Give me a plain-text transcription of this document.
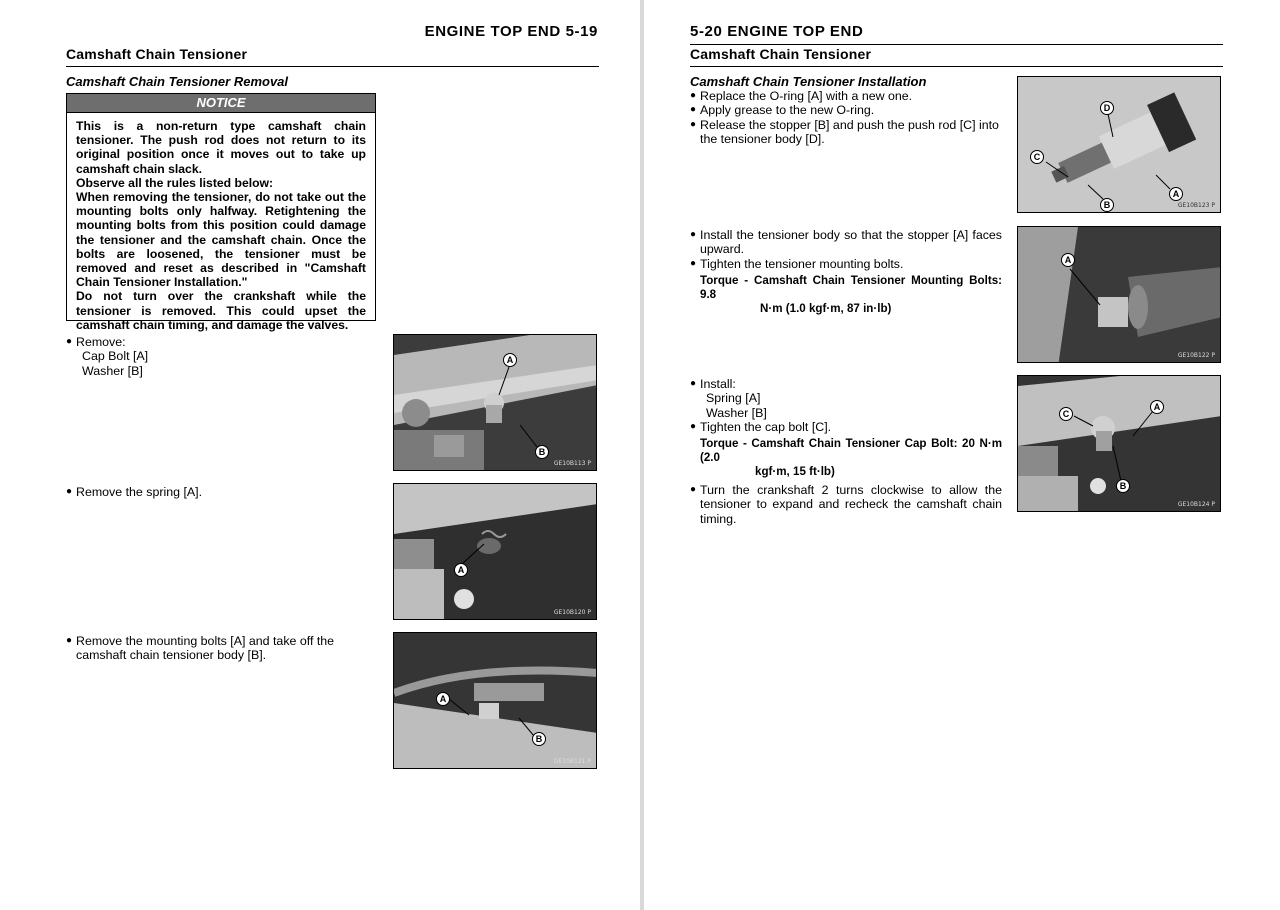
ENGINE TOP END 5-19
Camshaft Chain Tensioner
Camshaft Chain Tensioner Removal
NOTICE

This is a non-return type camshaft chain tensioner. The push rod does not return to its original position once it moves out to take up camshaft chain slack.

Observe all the rules listed below:

When removing the tensioner, do not take out the mounting bolts only halfway. Retightening the mounting bolts from this position could damage the tensioner and the camshaft chain. Once the bolts are loosened, the tensioner must be removed and reset as described in "Camshaft Chain Tensioner Installation."

Do not turn over the crankshaft while the tensioner is removed. This could upset the camshaft chain timing, and damage the valves.

● Remove:
Cap Bolt [A]
Washer [B]
A
B
GE10B113 P
● Remove the spring [A].
A
GE10B120 P
● Remove the mounting bolts [A] and take off the camshaft chain tensioner body [B].
A
B
GE10B121 P
5-20 ENGINE TOP END
Camshaft Chain Tensioner
Camshaft Chain Tensioner Installation
● Replace the O-ring [A] with a new one.
● Apply grease to the new O-ring.
● Release the stopper [B] and push the push rod [C] into the tensioner body [D].
D
C
B
A
GE10B123 P
● Install the tensioner body so that the stopper [A] faces upward.
● Tighten the tensioner mounting bolts.
Torque - Camshaft Chain Tensioner Mounting Bolts: 9.8
N·m (1.0 kgf·m, 87 in·lb)
A
GE10B122 P
● Install:
Spring [A]
Washer [B]
● Tighten the cap bolt [C].
Torque - Camshaft Chain Tensioner Cap Bolt: 20 N·m (2.0
kgf·m, 15 ft·lb)
● Turn the crankshaft 2 turns clockwise to allow the tensioner to expand and recheck the camshaft chain timing.
C
A
B
GE10B124 P
